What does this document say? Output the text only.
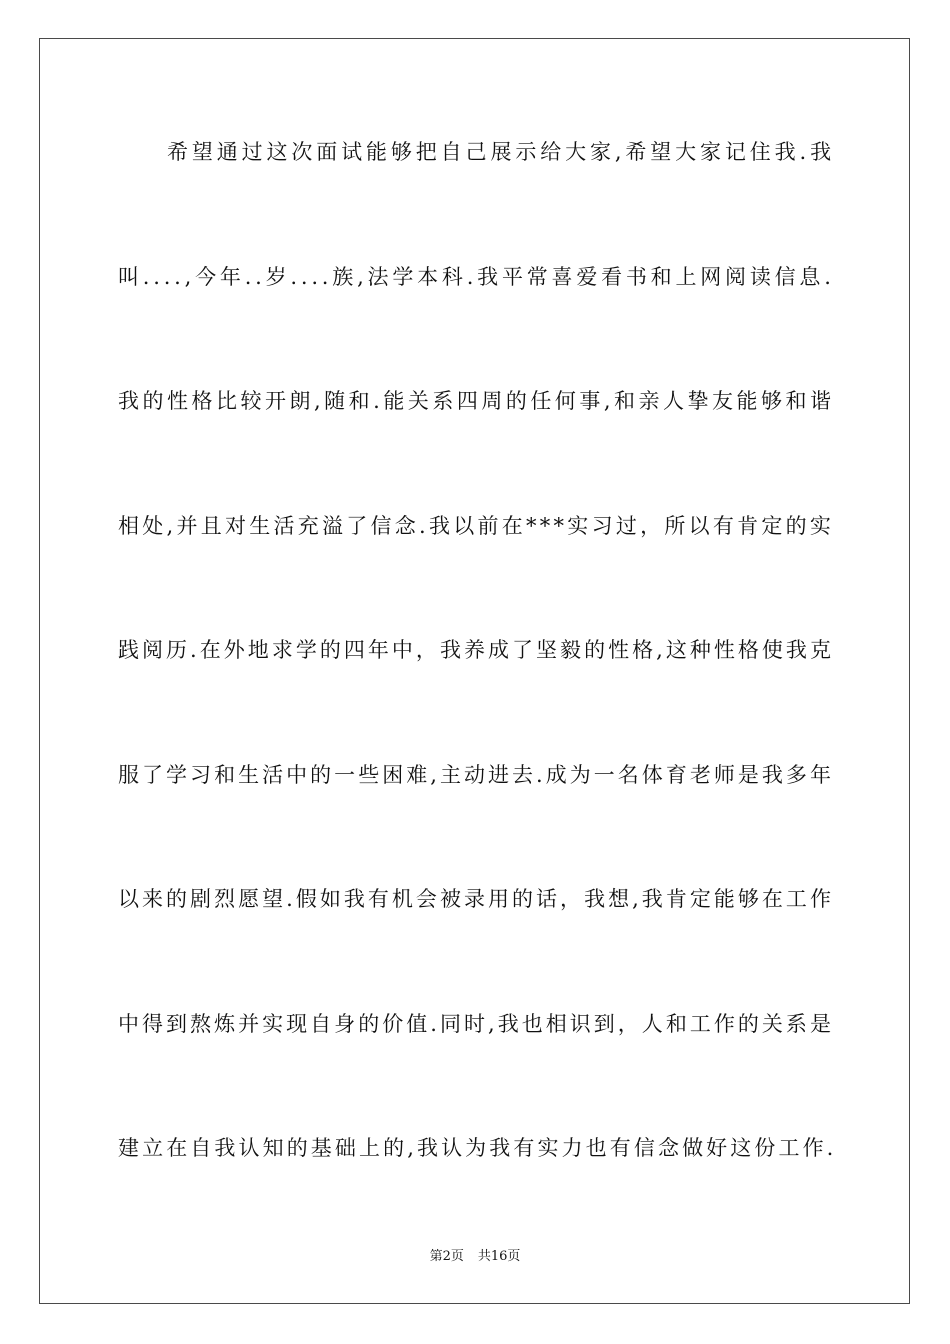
希望通过这次面试能够把自己展示给大家,希望大家记住我.我
叫....,今年..岁....族,法学本科.我平常喜爱看书和上网阅读信息.
我的性格比较开朗,随和.能关系四周的任何事,和亲人挚友能够和谐
相处,并且对生活充溢了信念.我以前在***实习过，所以有肯定的实
践阅历.在外地求学的四年中，我养成了坚毅的性格,这种性格使我克
服了学习和生活中的一些困难,主动进去.成为一名体育老师是我多年
以来的剧烈愿望.假如我有机会被录用的话，我想,我肯定能够在工作
中得到熬炼并实现自身的价值.同时,我也相识到，人和工作的关系是
建立在自我认知的基础上的,我认为我有实力也有信念做好这份工作.
第2页 共16页
